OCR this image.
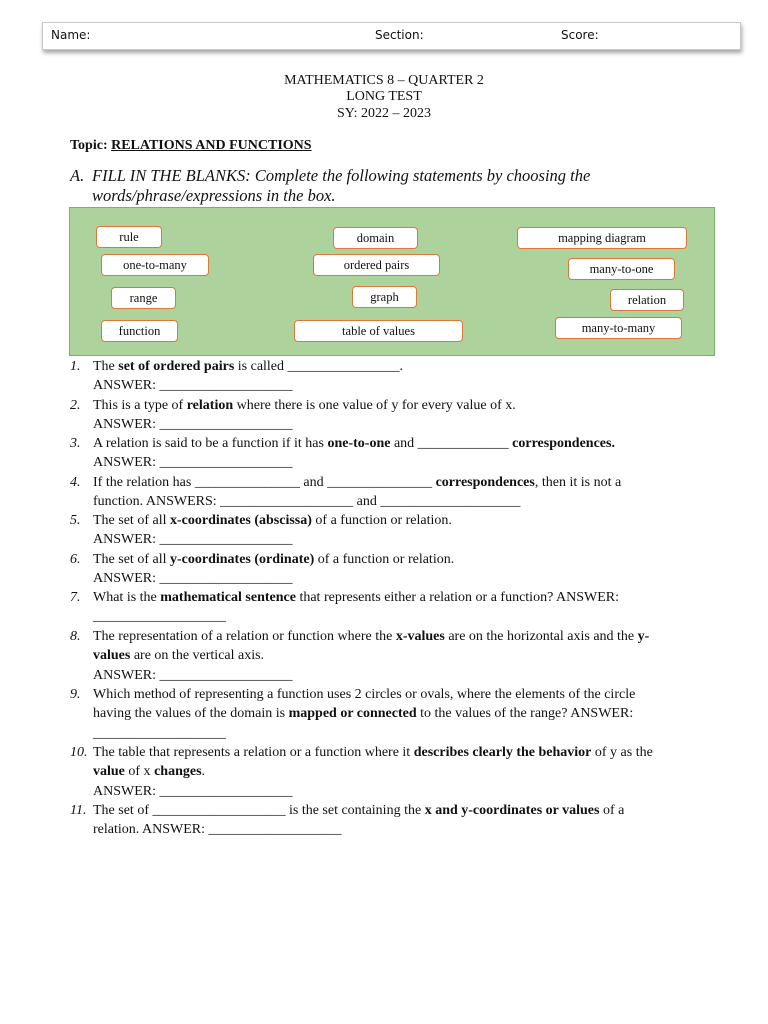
Name:	Section:	Score:
MATHEMATICS 8 – QUARTER 2
LONG TEST
SY: 2022 – 2023
Topic: RELATIONS AND FUNCTIONS
A. FILL IN THE BLANKS: Complete the following statements by choosing the words/phrase/expressions in the box.
rule	domain	mapping diagram
one-to-many	ordered pairs	many-to-one
range	graph	relation
function	table of values	many-to-many
1. The set of ordered pairs is called ________________.
ANSWER: ___________________
2. This is a type of relation where there is one value of y for every value of x.
ANSWER: ___________________
3. A relation is said to be a function if it has one-to-one and _____________ correspondences.
ANSWER: ___________________
4. If the relation has _______________ and _______________ correspondences, then it is not a
function. ANSWERS: ___________________ and ____________________
5. The set of all x-coordinates (abscissa) of a function or relation.
ANSWER: ___________________
6. The set of all y-coordinates (ordinate) of a function or relation.
ANSWER: ___________________
7. What is the mathematical sentence that represents either a relation or a function? ANSWER:
___________________
8. The representation of a relation or function where the x-values are on the horizontal axis and the y-
values are on the vertical axis.
ANSWER: ___________________
9. Which method of representing a function uses 2 circles or ovals, where the elements of the circle
having the values of the domain is mapped or connected to the values of the range? ANSWER:
___________________
10. The table that represents a relation or a function where it describes clearly the behavior of y as the
value of x changes.
ANSWER: ___________________
11. The set of ___________________ is the set containing the x and y-coordinates or values of a
relation. ANSWER: ___________________
